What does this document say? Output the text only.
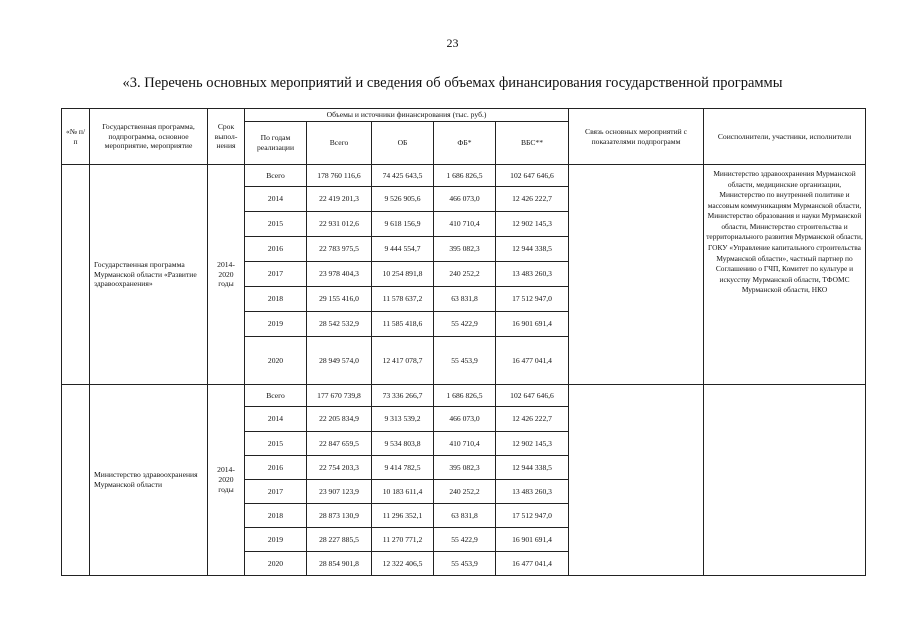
23
«3. Перечень основных мероприятий и сведения об объемах финансирования государственной программы
«№ п/п	Государственная программа, подпрограмма, основное мероприятие, мероприятие	Срок выпол-нения	Объемы и источники финансирования (тыс. руб.)					Связь основных мероприятий с показателями подпрограмм	Соисполнители, участники, исполнители
			По годам реализации	Всего	ОБ	ФБ*	ВБС**		
	Государственная программа Мурманской области «Развитие здравоохранения»	2014-2020 годы	Всего	178 760 116,6	74 425 643,5	1 686 826,5	102 647 646,6		Министерство здравоохранения Мурманской области, медицинские организации, Министерство по внутренней политике и массовым коммуникациям Мурманской области, Министерство образования и науки Мурманской области, Министерство строительства и территориального развития Мурманской области, ГОКУ «Управление капитального строительства Мурманской области», частный партнер по Соглашению о ГЧП, Комитет по культуре и искусству Мурманской области, ТФОМС Мурманской области, НКО
			2014	22 419 201,3	9 526 905,6	466 073,0	12 426 222,7		
			2015	22 931 012,6	9 618 156,9	410 710,4	12 902 145,3		
			2016	22 783 975,5	9 444 554,7	395 082,3	12 944 338,5		
			2017	23 978 404,3	10 254 891,8	240 252,2	13 483 260,3		
			2018	29 155 416,0	11 578 637,2	63 831,8	17 512 947,0		
			2019	28 542 532,9	11 585 418,6	55 422,9	16 901 691,4		
			2020	28 949 574,0	12 417 078,7	55 453,9	16 477 041,4		
	Министерство здравоохранения Мурманской области	2014-2020 годы	Всего	177 670 739,8	73 336 266,7	1 686 826,5	102 647 646,6		
			2014	22 205 834,9	9 313 539,2	466 073,0	12 426 222,7		
			2015	22 847 659,5	9 534 803,8	410 710,4	12 902 145,3		
			2016	22 754 203,3	9 414 782,5	395 082,3	12 944 338,5		
			2017	23 907 123,9	10 183 611,4	240 252,2	13 483 260,3		
			2018	28 873 130,9	11 296 352,1	63 831,8	17 512 947,0		
			2019	28 227 885,5	11 270 771,2	55 422,9	16 901 691,4		
			2020	28 854 901,8	12 322 406,5	55 453,9	16 477 041,4		
